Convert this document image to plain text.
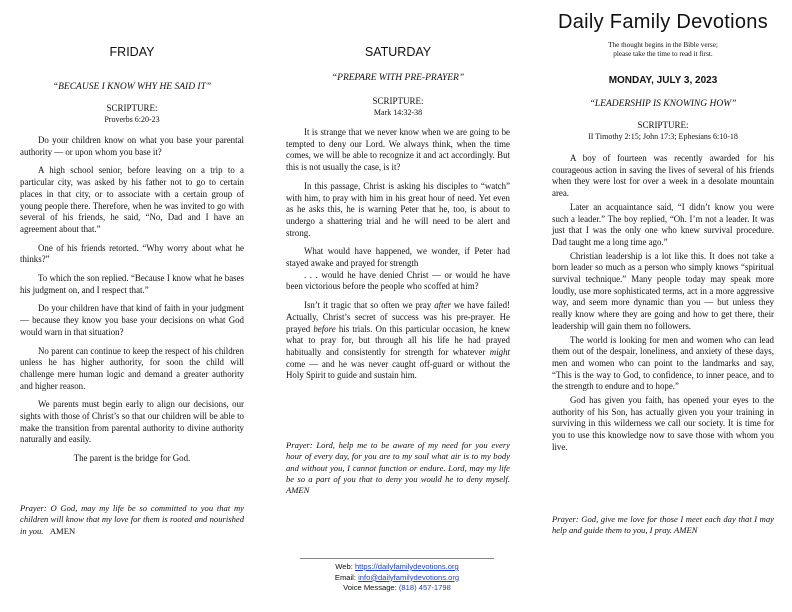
FRIDAY
“BECAUSE I KNOW WHY HE SAID IT”
SCRIPTURE:
Proverbs 6:20-23

Do your children know on what you base your parental authority — or upon whom you base it?

A high school senior, before leaving on a trip to a particular city, was asked by his father not to go to certain places in that city, or to associate with a certain group of young people there. Therefore, when he was invited to go with several of his friends, he said, “No, Dad and I have an agreement about that.”

One of his friends retorted. “Why worry about what he thinks?”

To which the son replied. “Because I know what he bases his judgment on, and I respect that.”

Do your children have that kind of faith in your judgment — because they know you base your decisions on what God would warn in that situation?

No parent can continue to keep the respect of his children unless he has higher authority, for soon the child will challenge mere human logic and demand a greater authority and higher reason.

We parents must begin early to align our decisions, our sights with those of Christ’s so that our children will be able to make the transition from parental authority to divine authority naturally and easily.

The parent is the bridge for God.

Prayer: O God, may my life be so committed to you that my children will know that my love for them is rooted and nourished in you. AMEN
SATURDAY
“PREPARE WITH PRE-PRAYER”
SCRIPTURE:
Mark 14:32-38

It is strange that we never know when we are going to be tempted to deny our Lord. We always think, when the time comes, we will be able to recognize it and act accordingly. But this is not usually the case, is it?

In this passage, Christ is asking his disciples to “watch” with him, to pray with him in his great hour of need. Yet even as he asks this, he is warning Peter that he, too, is about to undergo a shattering trial and he will need to be alert and strong.

What would have happened, we wonder, if Peter had stayed awake and prayed for strength

. . . would he have denied Christ — or would he have been victorious before the people who scoffed at him?

Isn’t it tragic that so often we pray after we have failed! Actually, Christ’s secret of success was his pre-prayer. He prayed before his trials. On this particular occasion, he knew what to pray for, but through all his life he had prayed habitually and consistently for strength for whatever might come — and he was never caught off-guard or without the Holy Spirit to guide and sustain him.

Prayer: Lord, help me to be aware of my need for you every hour of every day, for you are to my soul what air is to my body and without you, I cannot function or endure. Lord, may my life be so a part of you that to deny you would he to deny myself. AMEN
Daily Family Devotions
The thought begins in the Bible verse;
please take the time to read it first.
MONDAY, JULY 3, 2023
“LEADERSHIP IS KNOWING HOW”
SCRIPTURE:
II Timothy 2:15; John 17:3; Ephesians 6:10-18

A boy of fourteen was recently awarded for his courageous action in saving the lives of several of his friends when they were lost for over a week in a desolate mountain area.

Later an acquaintance said, “I didn’t know you were such a leader.” The boy replied, “Oh. I’m not a leader. It was just that I was the only one who knew survival procedure. Dad taught me a long time ago.”

Christian leadership is a lot like this. It does not take a born leader so much as a person who simply knows “spiritual survival technique.” Many people today may speak more loudly, use more sophisticated terms, act in a more aggressive way, and seem more dynamic than you — but unless they really know where they are going and how to get there, their leadership will gain them no followers.

The world is looking for men and women who can lead them out of the despair, loneliness, and anxiety of these days, men and women who can point to the landmarks and say, “This is the way to God, to confidence, to inner peace, and to the strength to endure and to hope.”

God has given you faith, has opened your eyes to the authority of his Son, has actually given you your training in surviving in this wilderness we call our society. It is time for you to use this knowledge now to save those with whom you live.

Prayer: God, give me love for those I meet each day that I may help and guide them to you, I pray. AMEN
Web: https://dailyfamilydevotions.org
Email: info@dailyfamilydevotions.org
Voice Message: (818) 457-1798
